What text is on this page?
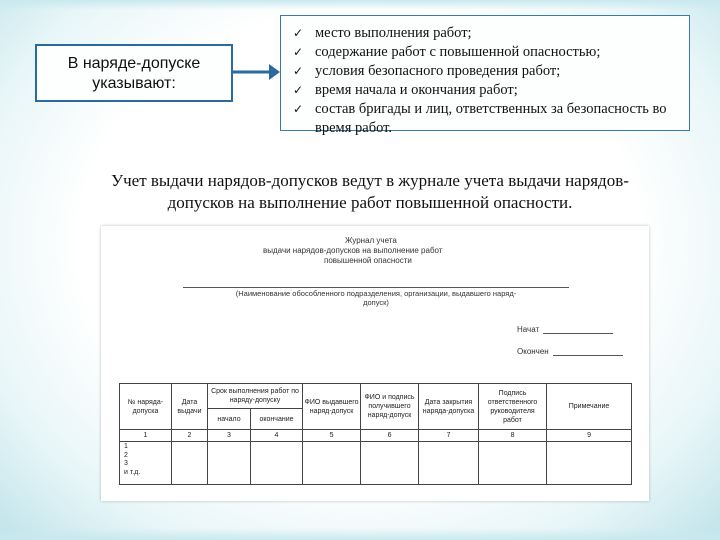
В наряде-допуске указывают:
✓ место выполнения работ;
✓ содержание работ с повышенной опасностью;
✓ условия безопасного проведения работ;
✓ время начала и окончания работ;
✓ состав бригады и лиц, ответственных за безопасность во время работ.
Учет выдачи нарядов-допусков ведут в журнале учета выдачи нарядов-допусков на выполнение работ повышенной опасности.
Журнал учета
выдачи нарядов-допусков на выполнение работ
повышенной опасности
(Наименование обособленного подразделения, организации, выдавшего наряд-допуск)
Начат
Окончен
№ наряда-допуска	Дата выдачи	Срок выполнения работ по наряду-допуску		ФИО выдавшего наряд-допуск	ФИО и подпись получившего наряд-допуск	Дата закрытия наряда-допуска	Подпись ответственного руководителя работ	Примечание
		начало	окончание					
1	2	3	4	5	6	7	8	9

1
2
3
и т.д.								
